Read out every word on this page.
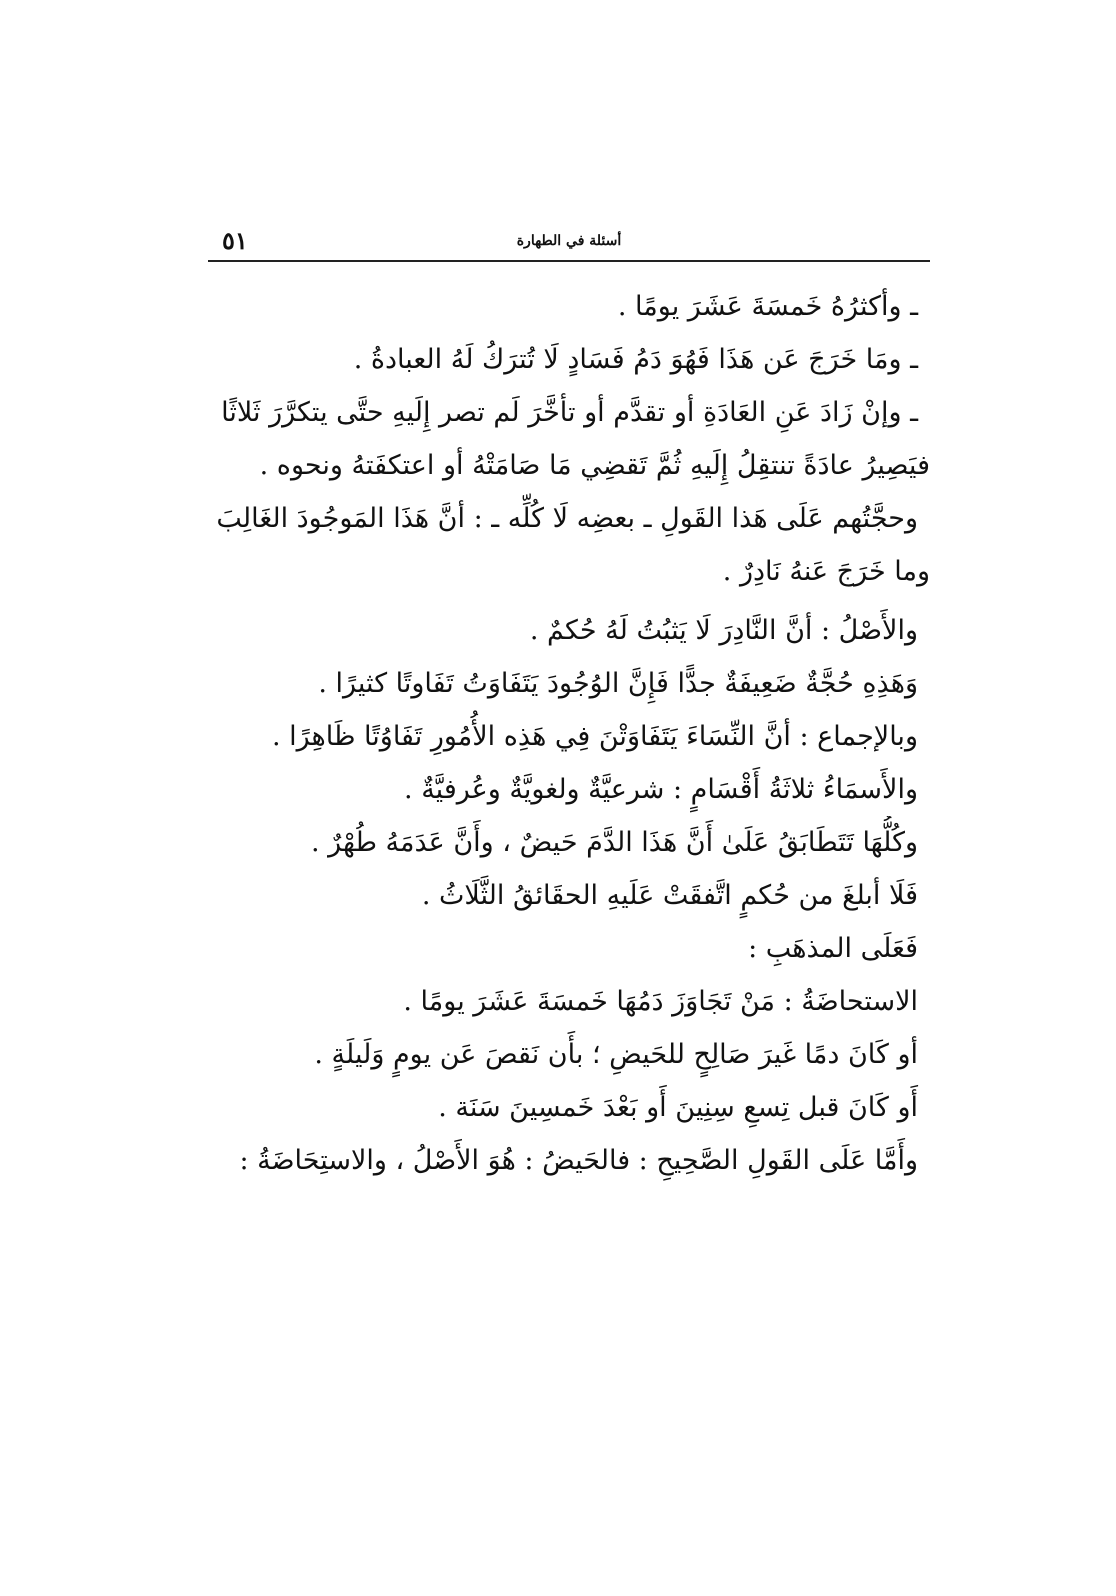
٥١	أسئلة في الطهارة
ـ وأكثرُهُ خَمسَةَ عَشَرَ يومًا .
ـ ومَا خَرَجَ عَن هَذَا فَهُوَ دَمُ فَسَادٍ لَا تُترَكُ لَهُ العبادةُ .
ـ وإنْ زَادَ عَنِ العَادَةِ أو تقدَّم أو تأخَّرَ لَم تصر إِلَيهِ حتَّى يتكرَّرَ ثَلاثًا
فيَصِيرُ عادَةً تنتقِلُ إِلَيهِ ثُمَّ تَقضِي مَا صَامَتْهُ أو اعتكفَتهُ ونحوه .
وحجَّتُهم عَلَى هَذا القَولِ ـ بعضِه لَا كُلِّه ـ : أنَّ هَذَا المَوجُودَ الغَالِبَ
وما خَرَجَ عَنهُ نَادِرٌ .
والأَصْلُ : أنَّ النَّادِرَ لَا يَثبُتُ لَهُ حُكمٌ .
وَهَذِهِ حُجَّةٌ ضَعِيفَةٌ جدًّا فَإِنَّ الوُجُودَ يَتَفَاوَتُ تَفَاوتًا كثيرًا .
وبالإجماع : أنَّ النِّسَاءَ يَتَفَاوَتْنَ فِي هَذِه الأُمُورِ تَفَاوُتًا ظَاهِرًا .
والأَسمَاءُ ثلاثَةُ أَقْسَامٍ : شرعيَّةٌ ولغويَّةٌ وعُرفيَّةٌ .
وكُلُّهَا تَتَطَابَقُ عَلَىٰ أَنَّ هَذَا الدَّمَ حَيضٌ ، وأَنَّ عَدَمَهُ طُهْرٌ .
فَلَا أبلغَ من حُكمٍ اتَّفقَتْ عَلَيهِ الحقَائقُ الثَّلَاثُ .
فَعَلَى المذهَبِ :
الاستحاضَةُ : مَنْ تَجَاوَزَ دَمُهَا خَمسَةَ عَشَرَ يومًا .
أو كَانَ دمًا غَيرَ صَالِحٍ للحَيضِ ؛ بأَن نَقصَ عَن يومٍ وَلَيلَةٍ .
أَو كَانَ قبل تِسعِ سِنِينَ أَو بَعْدَ خَمسِينَ سَنَة .
وأَمَّا عَلَى القَولِ الصَّحِيحِ : فالحَيضُ : هُوَ الأَصْلُ ، والاستِحَاضَةُ :
